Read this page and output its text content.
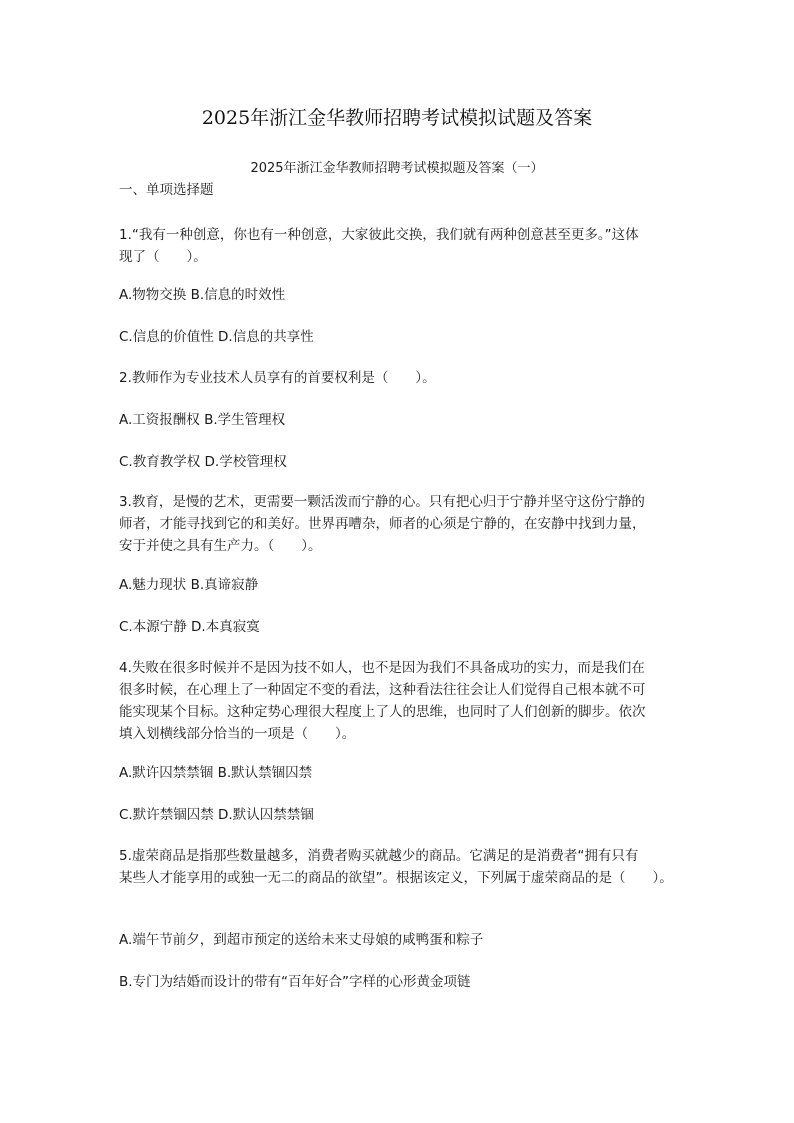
2025年浙江金华教师招聘考试模拟试题及答案
2025年浙江金华教师招聘考试模拟题及答案（一）
一、单项选择题
1.“我有一种创意，你也有一种创意，大家彼此交换，我们就有两种创意甚至更多。”这体
现了（　　）。
A.物物交换 B.信息的时效性
C.信息的价值性 D.信息的共享性
2.教师作为专业技术人员享有的首要权利是（　　）。
A.工资报酬权 B.学生管理权
C.教育教学权 D.学校管理权
3.教育，是慢的艺术，更需要一颗活泼而宁静的心。只有把心归于宁静并坚守这份宁静的
师者，才能寻找到它的和美好。世界再嘈杂，师者的心须是宁静的，在安静中找到力量，
安于并使之具有生产力。（　　）。
A.魅力现状 B.真谛寂静
C.本源宁静 D.本真寂寞
4.失败在很多时候并不是因为技不如人，也不是因为我们不具备成功的实力，而是我们在
很多时候，在心理上了一种固定不变的看法，这种看法往往会让人们觉得自己根本就不可
能实现某个目标。这种定势心理很大程度上了人的思维，也同时了人们创新的脚步。依次
填入划横线部分恰当的一项是（　　）。
A.默许囚禁禁锢 B.默认禁锢囚禁
C.默许禁锢囚禁 D.默认囚禁禁锢
5.虚荣商品是指那些数量越多，消费者购买就越少的商品。它满足的是消费者“拥有只有
某些人才能享用的或独一无二的商品的欲望”。根据该定义，下列属于虚荣商品的是（　　）。
A.端午节前夕，到超市预定的送给未来丈母娘的咸鸭蛋和粽子
B.专门为结婚而设计的带有“百年好合”字样的心形黄金项链
